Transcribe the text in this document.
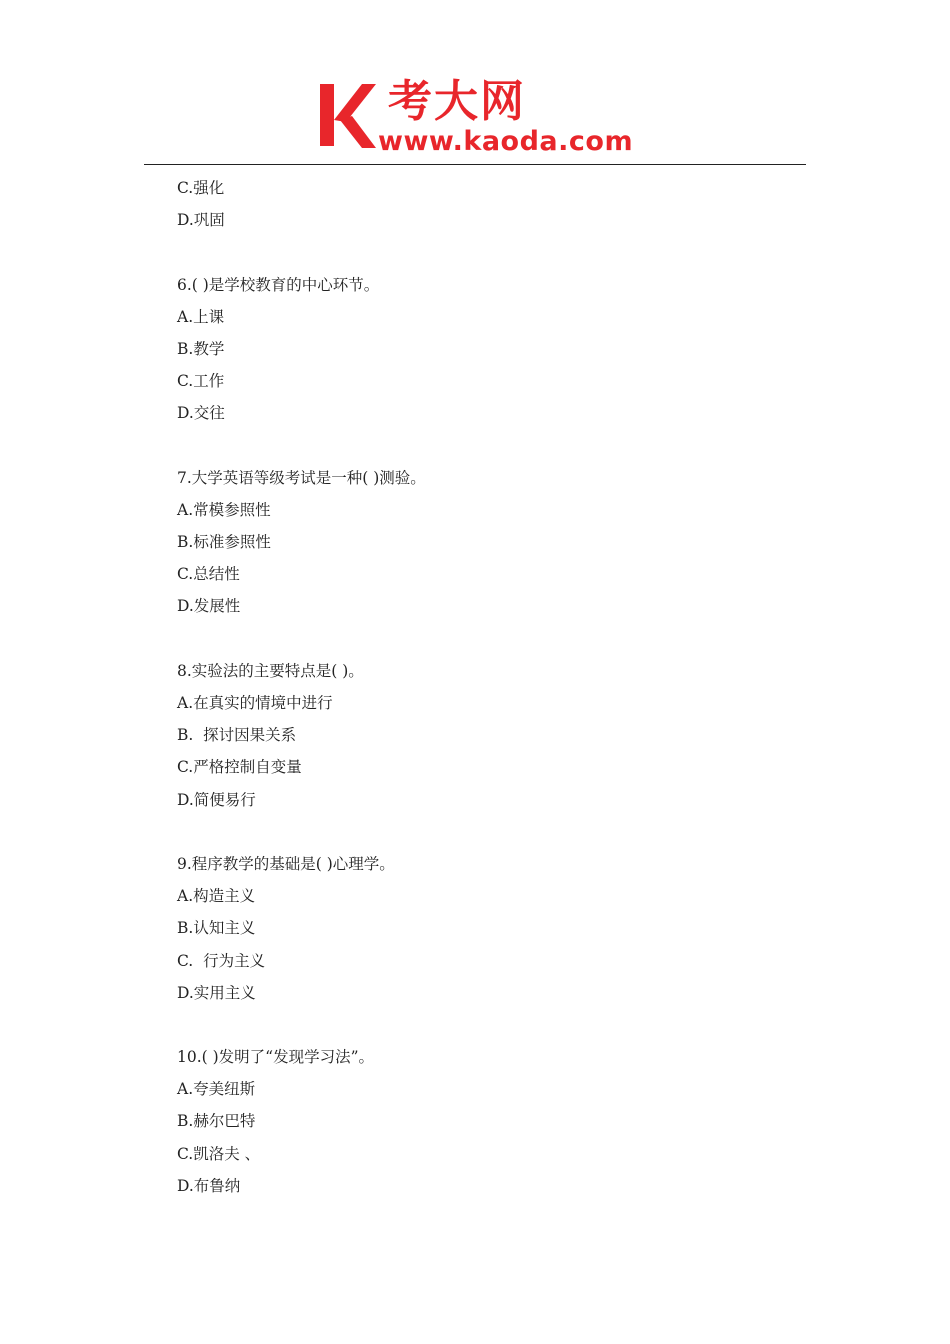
考大网
www.kaoda.com
C.强化
D.巩固
6.( )是学校教育的中心环节。
A.上课
B.教学
C.工作
D.交往
7.大学英语等级考试是一种( )测验。
A.常模参照性
B.标准参照性
C.总结性
D.发展性
8.实验法的主要特点是( )。
A.在真实的情境中进行
B.  探讨因果关系
C.严格控制自变量
D.简便易行
9.程序教学的基础是( )心理学。
A.构造主义
B.认知主义
C.  行为主义
D.实用主义
10.( )发明了“发现学习法”。
A.夸美纽斯
B.赫尔巴特
C.凯洛夫 、
D.布鲁纳
